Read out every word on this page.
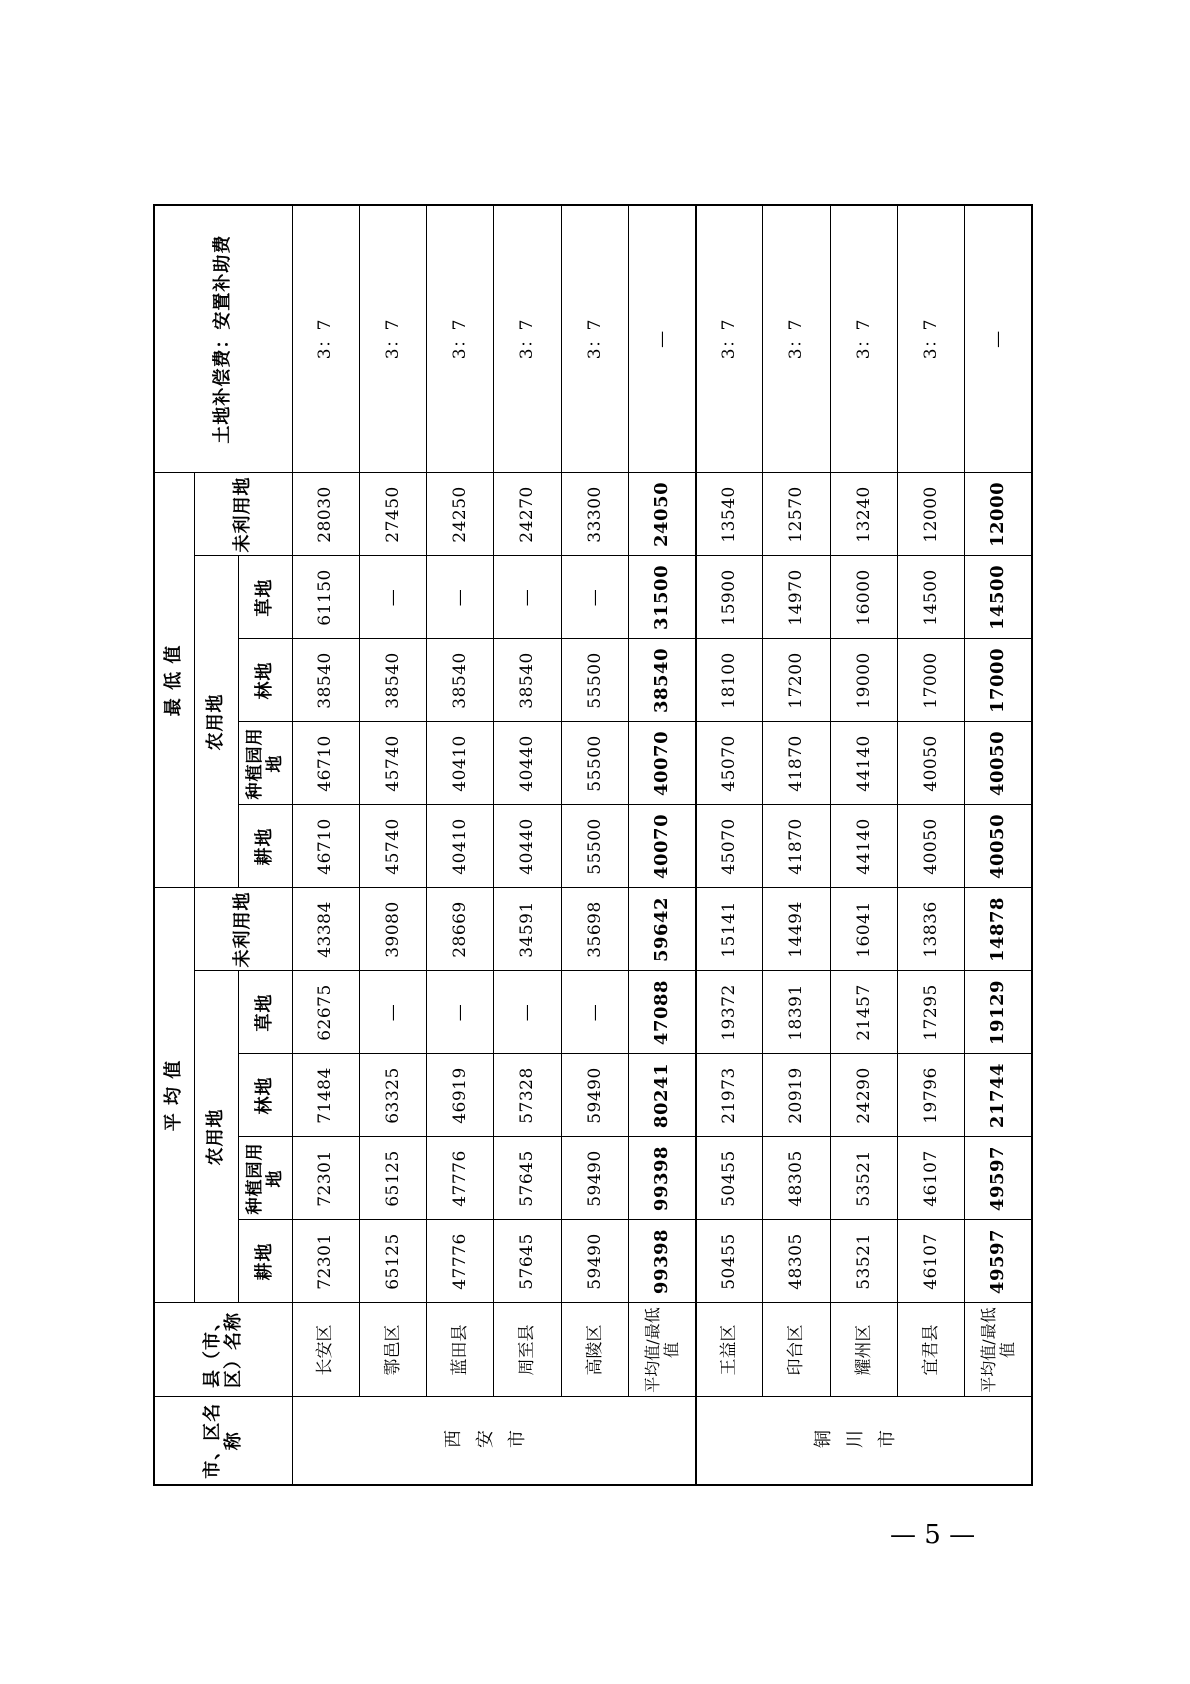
市、区名称	县（市、区）名称	平 均 值					最 低 值					土地补偿费：安置补助费
		农用地				未利用地	农用地				未利用地	
		耕地	种植园用地	林地	草地		耕地	种植园用地	林地	草地		
西安市	长安区	72301	72301	71484	62675	43384	46710	46710	38540	61150	28030	3：7
	鄠邑区	65125	65125	63325	—	39080	45740	45740	38540	—	27450	3：7
	蓝田县	47776	47776	46919	—	28669	40410	40410	38540	—	24250	3：7
	周至县	57645	57645	57328	—	34591	40440	40440	38540	—	24270	3：7
	高陵区	59490	59490	59490	—	35698	55500	55500	55500	—	33300	3：7
	平均值/最低值	99398	99398	80241	47088	59642	40070	40070	38540	31500	24050	—
铜川市	王益区	50455	50455	21973	19372	15141	45070	45070	18100	15900	13540	3：7
	印台区	48305	48305	20919	18391	14494	41870	41870	17200	14970	12570	3：7
	耀州区	53521	53521	24290	21457	16041	44140	44140	19000	16000	13240	3：7
	宜君县	46107	46107	19796	17295	13836	40050	40050	17000	14500	12000	3：7
	平均值/最低值	49597	49597	21744	19129	14878	40050	40050	17000	14500	12000	—
— 5 —
